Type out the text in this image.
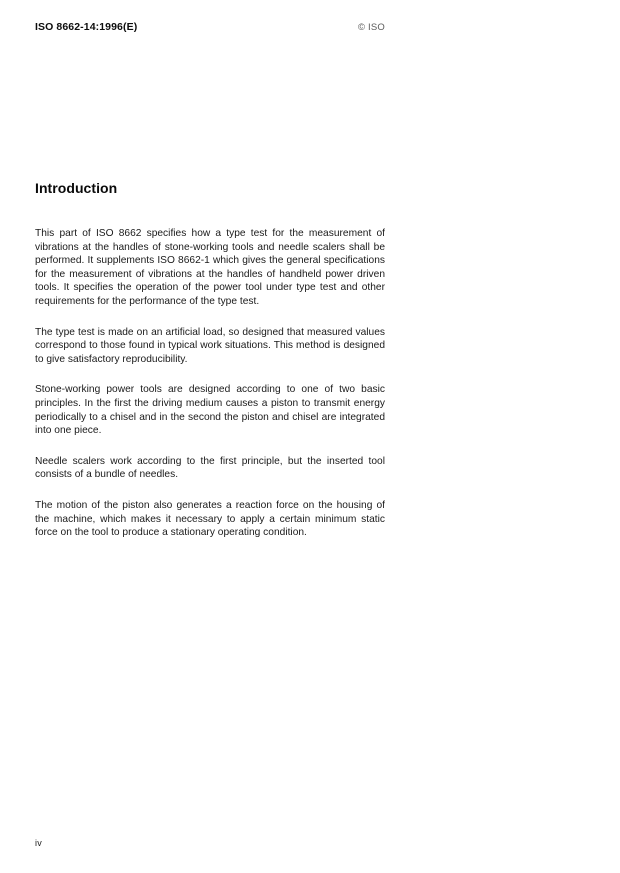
ISO 8662-14:1996(E)	© ISO
Introduction

This part of ISO 8662 specifies how a type test for the measurement of vibrations at the handles of stone-working tools and needle scalers shall be performed. It supplements ISO 8662-1 which gives the general specifications for the measurement of vibrations at the handles of handheld power driven tools. It specifies the operation of the power tool under type test and other requirements for the performance of the type test.

The type test is made on an artificial load, so designed that measured values correspond to those found in typical work situations. This method is designed to give satisfactory reproducibility.

Stone-working power tools are designed according to one of two basic principles. In the first the driving medium causes a piston to transmit energy periodically to a chisel and in the second the piston and chisel are integrated into one piece.

Needle scalers work according to the first principle, but the inserted tool consists of a bundle of needles.

The motion of the piston also generates a reaction force on the housing of the machine, which makes it necessary to apply a certain minimum static force on the tool to produce a stationary operating condition.

iv
